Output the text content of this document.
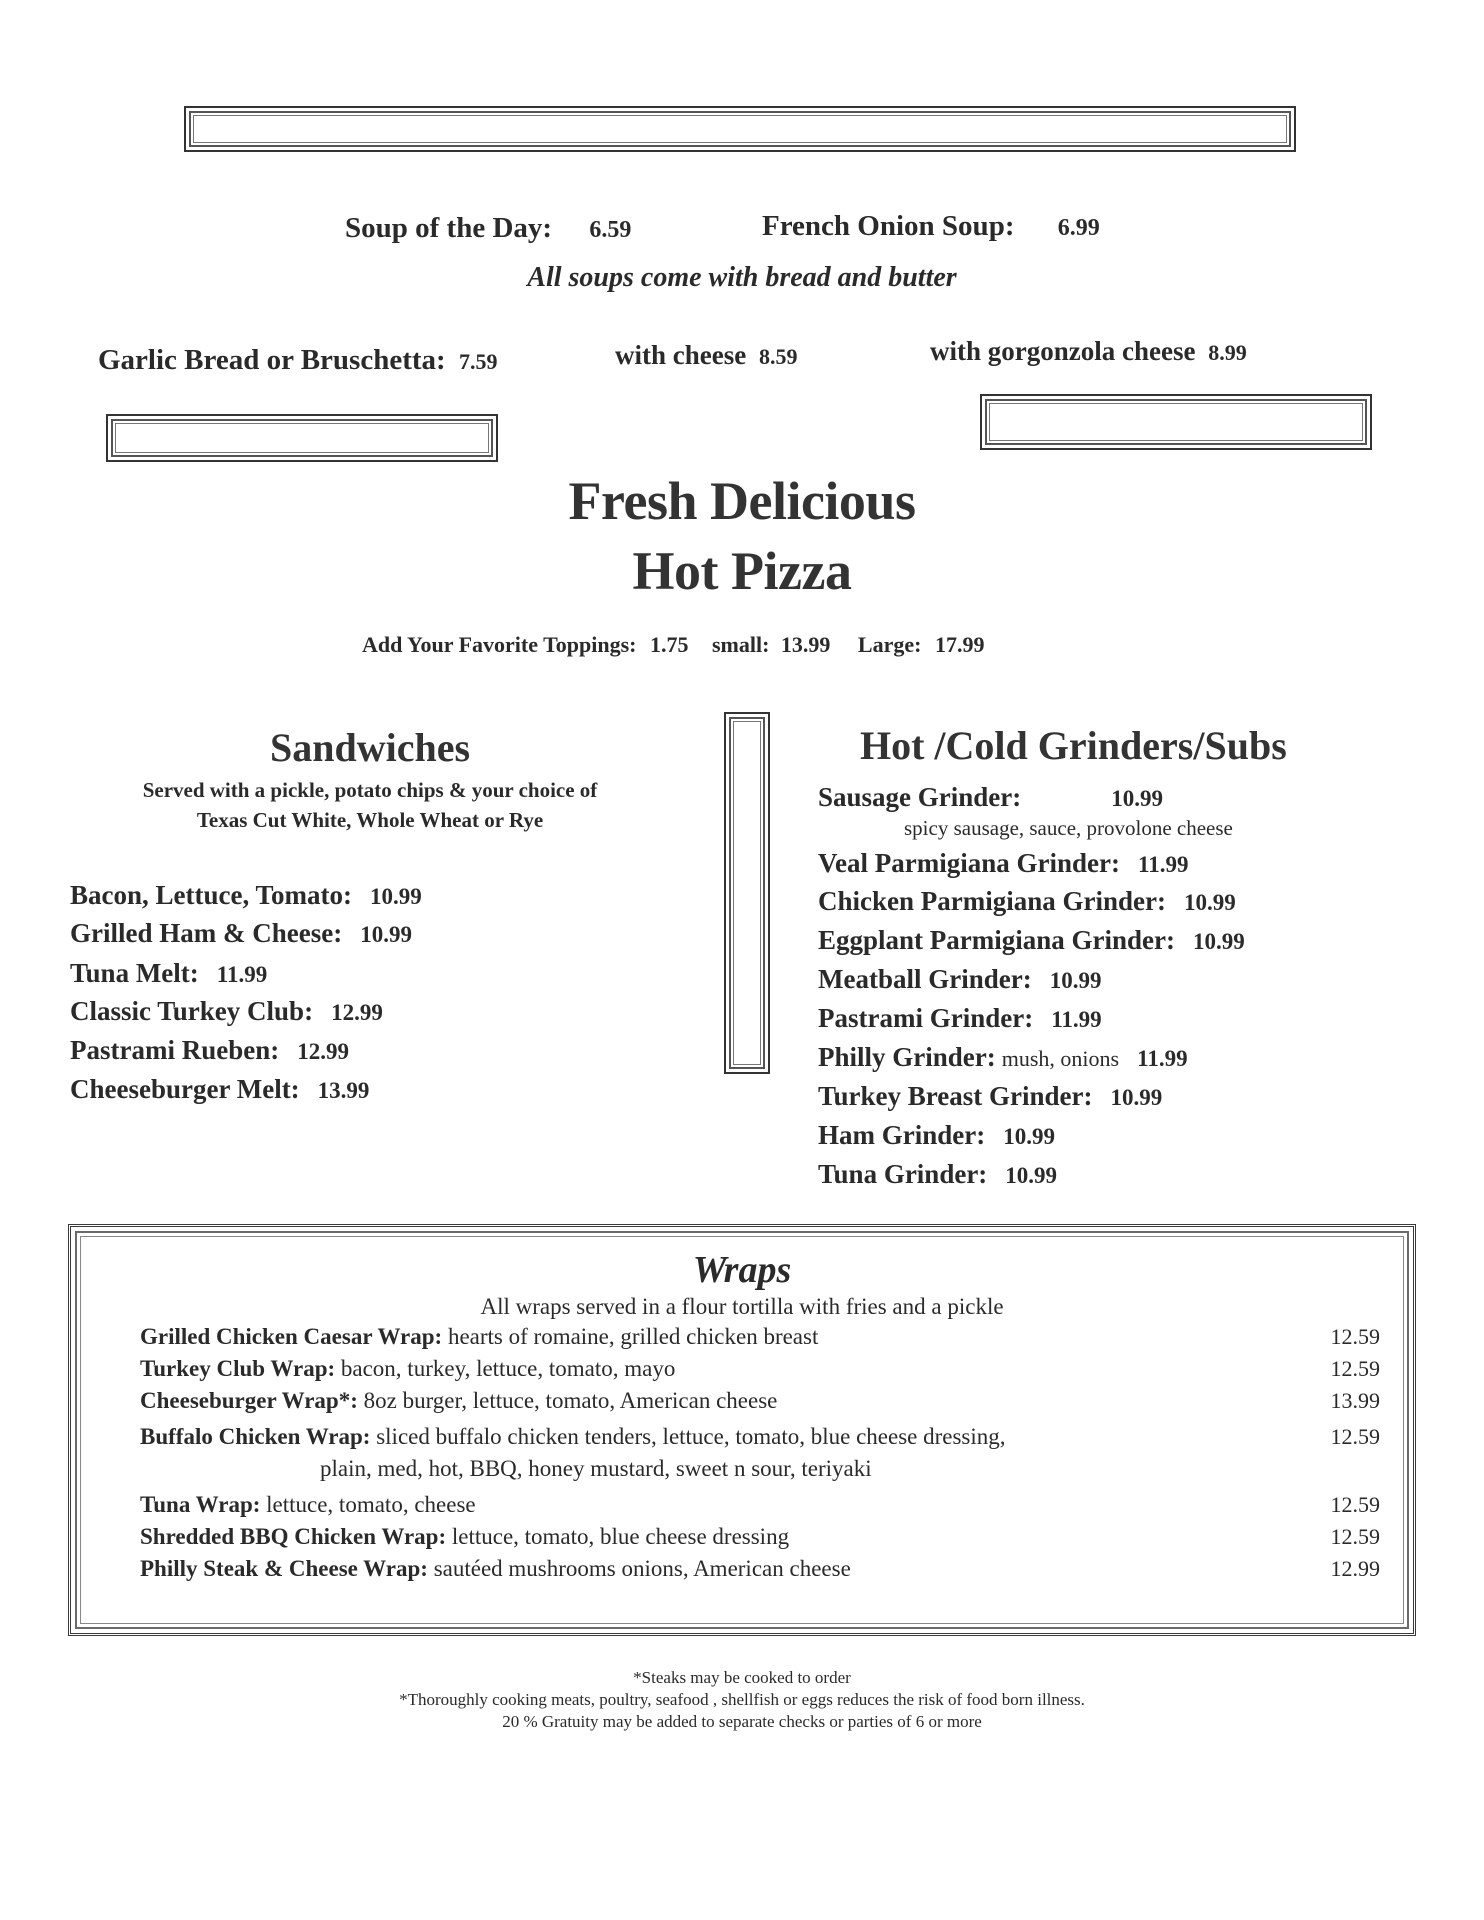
Soup of the Day: 6.59	French Onion Soup: 6.99
All soups come with bread and butter
Garlic Bread or Bruschetta: 7.59	with cheese 8.59	with gorgonzola cheese 8.99
Fresh Delicious
Hot Pizza
Add Your Favorite Toppings: 1.75 small: 13.99 Large: 17.99
Sandwiches
Served with a pickle, potato chips & your choice of
Texas Cut White, Whole Wheat or Rye
Bacon, Lettuce, Tomato: 10.99
Grilled Ham & Cheese: 10.99
Tuna Melt: 11.99
Classic Turkey Club: 12.99
Pastrami Rueben: 12.99
Cheeseburger Melt: 13.99
Hot /Cold Grinders/Subs
Sausage Grinder:	10.99
spicy sausage, sauce, provolone cheese
Veal Parmigiana Grinder: 11.99
Chicken Parmigiana Grinder: 10.99
Eggplant Parmigiana Grinder: 10.99
Meatball Grinder: 10.99
Pastrami Grinder: 11.99
Philly Grinder: mush, onions 11.99
Turkey Breast Grinder: 10.99
Ham Grinder: 10.99
Tuna Grinder: 10.99
Wraps
All wraps served in a flour tortilla with fries and a pickle
Grilled Chicken Caesar Wrap: hearts of romaine, grilled chicken breast	12.59
Turkey Club Wrap: bacon, turkey, lettuce, tomato, mayo	12.59
Cheeseburger Wrap*: 8oz burger, lettuce, tomato, American cheese	13.99
Buffalo Chicken Wrap: sliced buffalo chicken tenders, lettuce, tomato, blue cheese dressing,	12.59
plain, med, hot, BBQ, honey mustard, sweet n sour, teriyaki
Tuna Wrap: lettuce, tomato, cheese	12.59
Shredded BBQ Chicken Wrap: lettuce, tomato, blue cheese dressing	12.59
Philly Steak & Cheese Wrap: sautéed mushrooms onions, American cheese	12.99
*Steaks may be cooked to order
*Thoroughly cooking meats, poultry, seafood , shellfish or eggs reduces the risk of food born illness.
20 % Gratuity may be added to separate checks or parties of 6 or more
